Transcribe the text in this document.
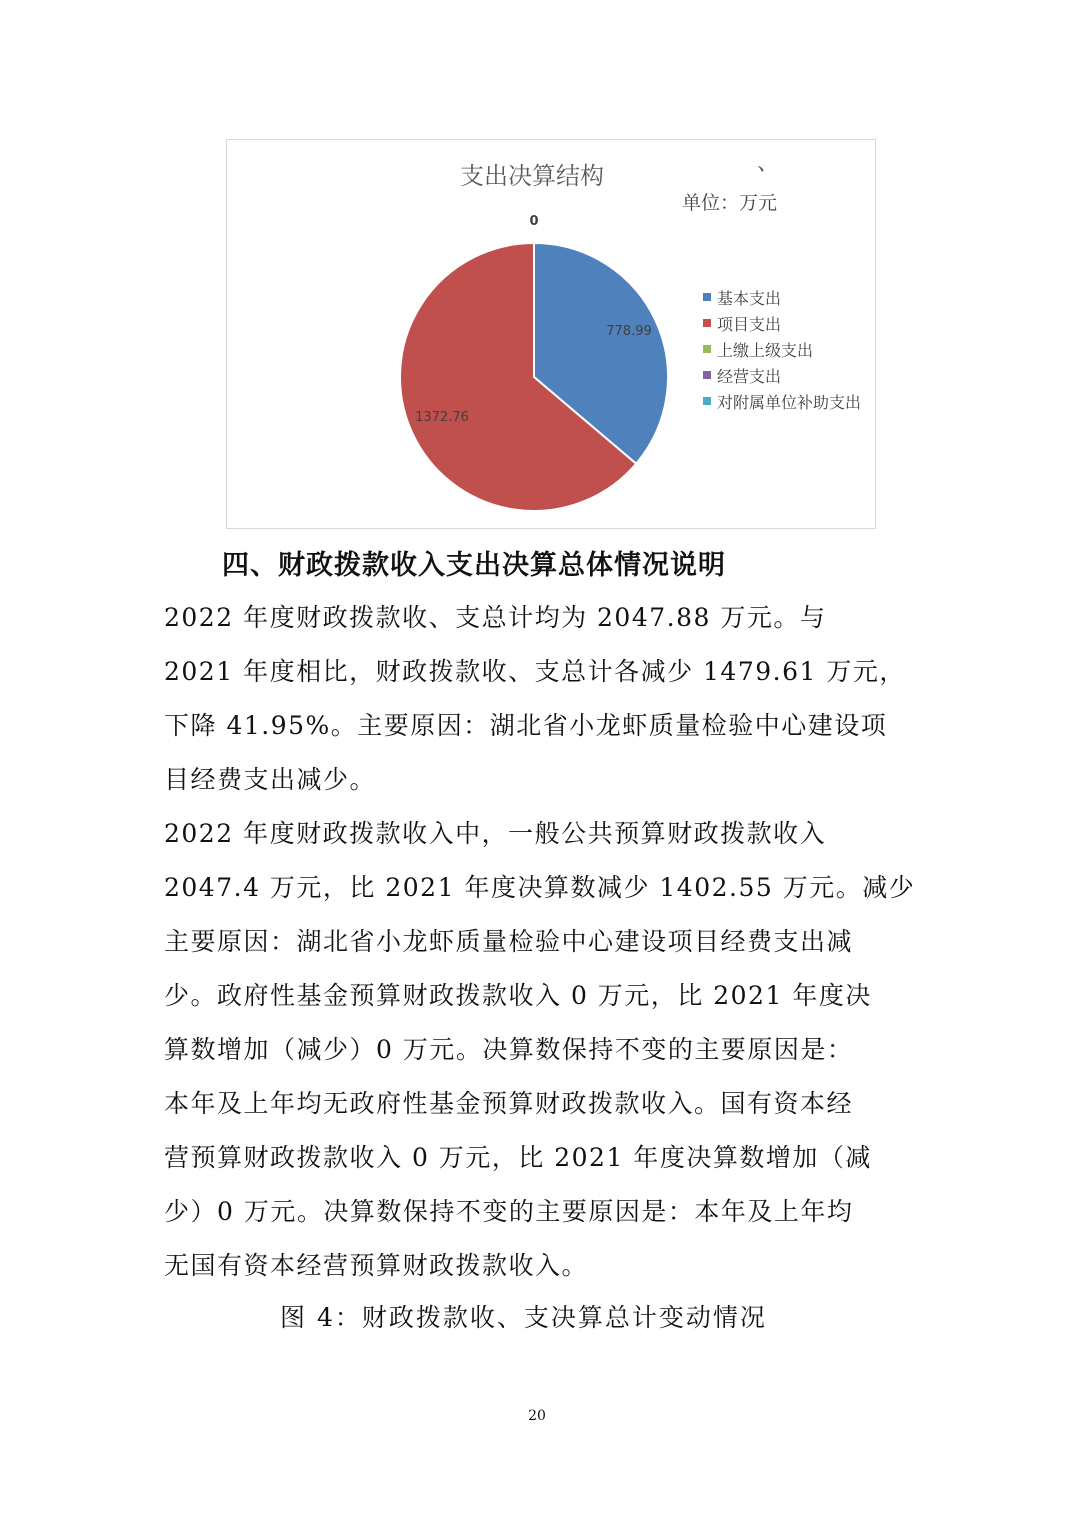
支出决算结构	、
单位：万元
778.99
1372.76
0
基本支出
项目支出
上缴上级支出
经营支出
对附属单位补助支出
四、财政拨款收入支出决算总体情况说明
2022 年度财政拨款收、支总计均为 2047.88 万元。与
2021 年度相比，财政拨款收、支总计各减少 1479.61 万元，
下降 41.95%。主要原因：湖北省小龙虾质量检验中心建设项
目经费支出减少。
2022 年度财政拨款收入中，一般公共预算财政拨款收入
2047.4 万元，比 2021 年度决算数减少 1402.55 万元。减少
主要原因：湖北省小龙虾质量检验中心建设项目经费支出减
少。政府性基金预算财政拨款收入 0 万元，比 2021 年度决
算数增加（减少）0 万元。决算数保持不变的主要原因是：
本年及上年均无政府性基金预算财政拨款收入。国有资本经
营预算财政拨款收入 0 万元，比 2021 年度决算数增加（减
少）0 万元。决算数保持不变的主要原因是：本年及上年均
无国有资本经营预算财政拨款收入。
图 4：财政拨款收、支决算总计变动情况
20
